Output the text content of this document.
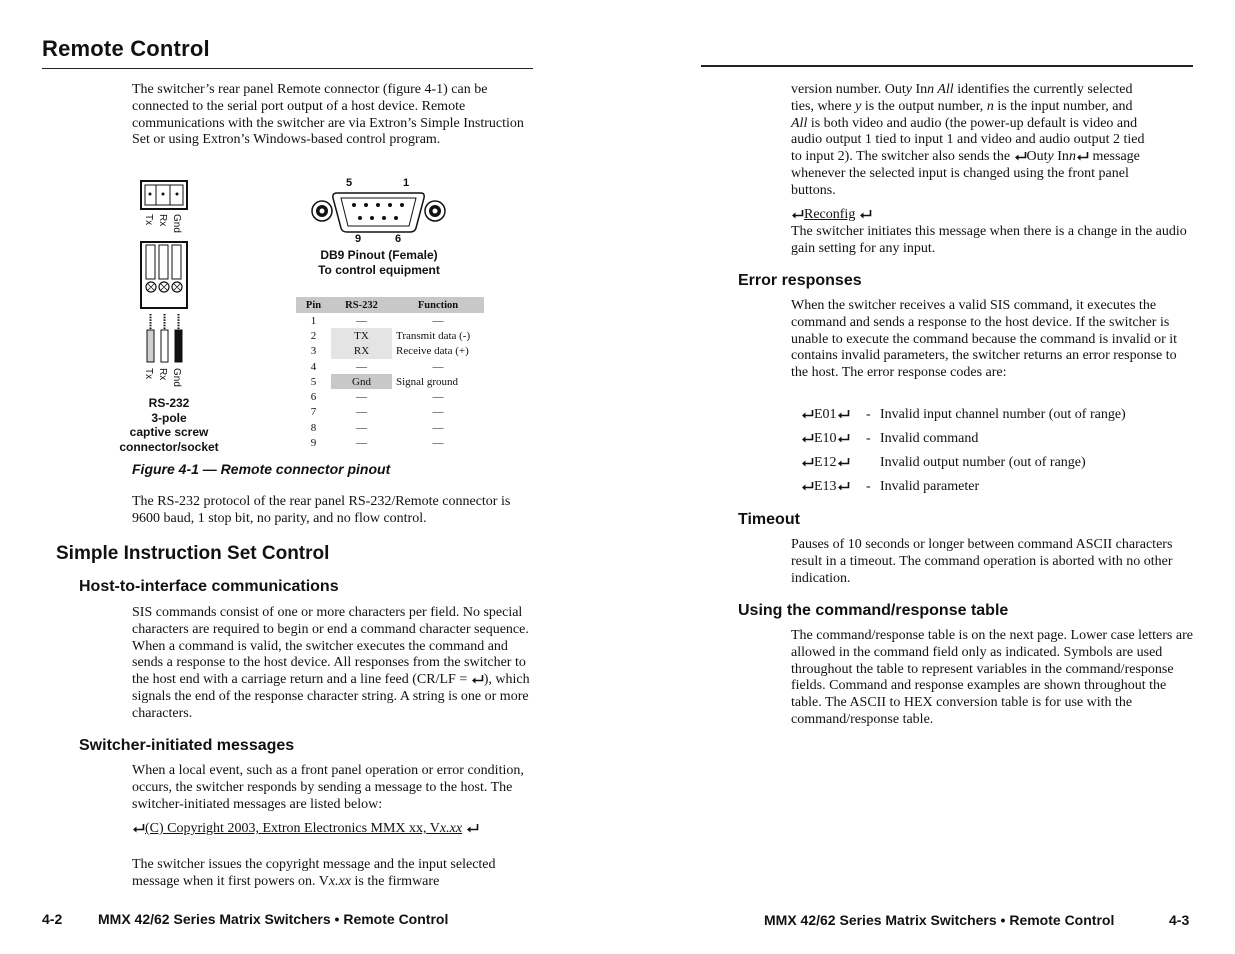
Remote Control
The switcher’s rear panel Remote connector (figure 4-1) can be connected to the serial port output of a host device. Remote communications with the switcher are via Extron’s Simple Instruction Set or using Extron’s Windows-based control program.
Tx Rx Gnd
Tx Rx Gnd
RS-232
3-pole
captive screw
connector/socket
5	1
9	6
DB9 Pinout (Female)
To control equipment
Pin	RS-232	Function
1	—	—
2	TX	Transmit data (-)
3	RX	Receive data (+)
4	—	—
5	Gnd	Signal ground
6	—	—
7	—	—
8	—	—
9	—	—
Figure 4-1 — Remote connector pinout
The RS-232 protocol of the rear panel RS-232/Remote connector is 9600 baud, 1 stop bit, no parity, and no flow control.
Simple Instruction Set Control
Host-to-interface communications
SIS commands consist of one or more characters per field. No special characters are required to begin or end a command character sequence. When a command is valid, the switcher executes the command and sends a response to the host device. All responses from the switcher to the host end with a carriage return and a line feed (CR/LF = ), which signals the end of the response character string. A string is one or more characters.
Switcher-initiated messages
When a local event, such as a front panel operation or error condition, occurs, the switcher responds by sending a message to the host. The switcher-initiated messages are listed below:
(C) Copyright 2003, Extron Electronics MMX xx, Vx.xx
The switcher issues the copyright message and the input selected message when it first powers on. Vx.xx is the firmware
4-2	MMX 42/62 Series Matrix Switchers • Remote Control
version number. Outy Inn All identifies the currently selected
ties, where y is the output number, n is the input number, and
All is both video and audio (the power-up default is video and
audio output 1 tied to input 1 and video and audio output 2 tied
to input 2). The switcher also sends the Outy Inn message
whenever the selected input is changed using the front panel
buttons.
Reconfig
The switcher initiates this message when there is a change in the audio gain setting for any input.
Error responses
When the switcher receives a valid SIS command, it executes the command and sends a response to the host device. If the switcher is unable to execute the command because the command is invalid or it contains invalid parameters, the switcher returns an error response to the host. The error response codes are:
E01 - Invalid input channel number (out of range)
E10 - Invalid command
E12	Invalid output number (out of range)
E13 - Invalid parameter
Timeout
Pauses of 10 seconds or longer between command ASCII characters result in a timeout. The command operation is aborted with no other indication.
Using the command/response table
The command/response table is on the next page. Lower case letters are allowed in the command field only as indicated. Symbols are used throughout the table to represent variables in the command/response fields. Command and response examples are shown throughout the table. The ASCII to HEX conversion table is for use with the command/response table.
MMX 42/62 Series Matrix Switchers • Remote Control	4-3
